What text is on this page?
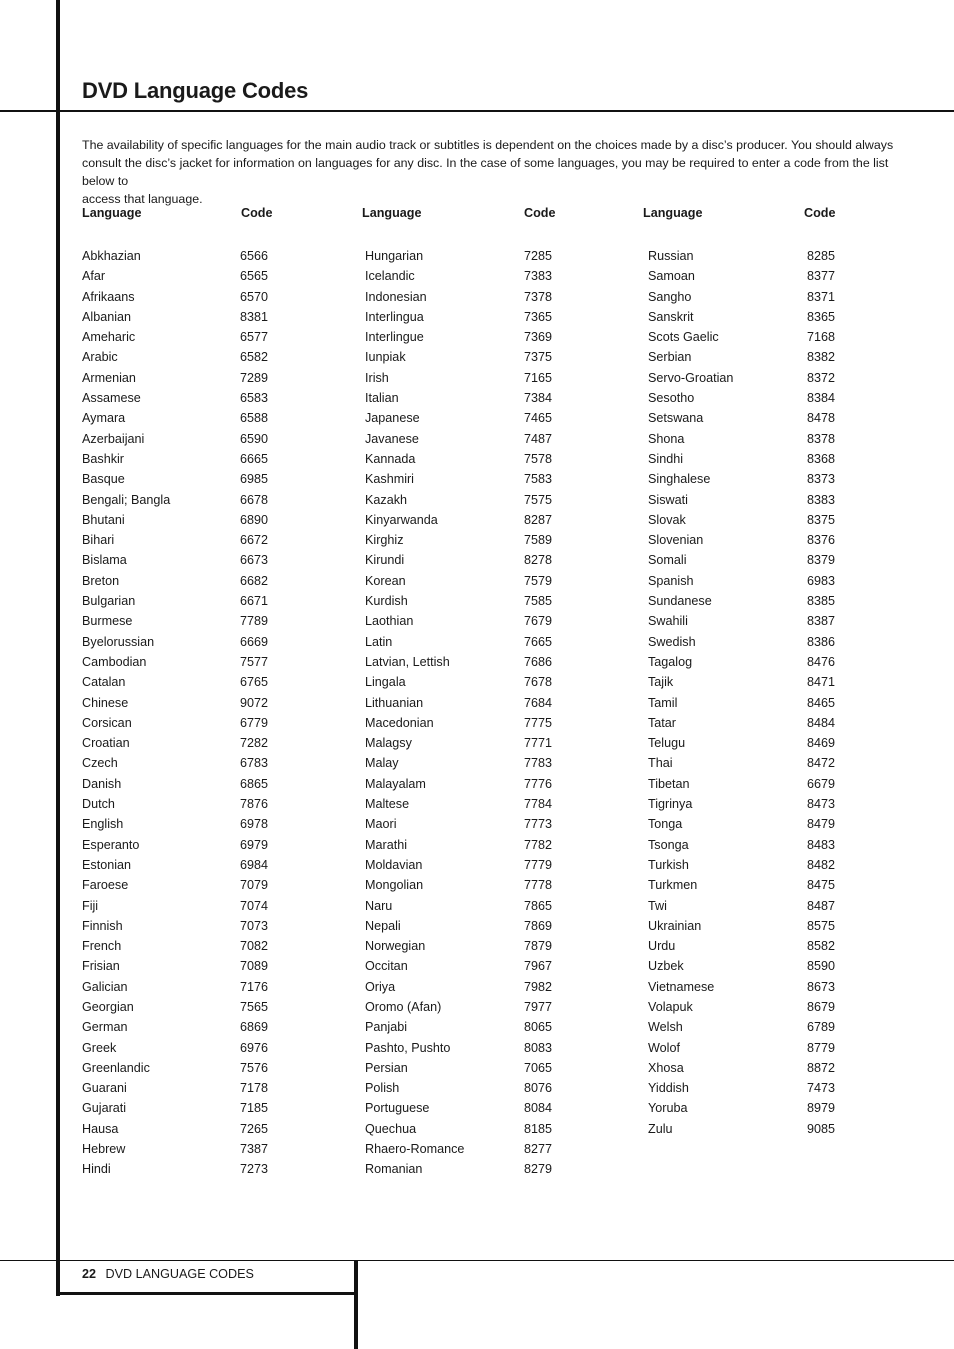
DVD Language Codes
The availability of specific languages for the main audio track or subtitles is dependent on the choices made by a disc’s producer. You should always
consult the disc’s jacket for information on languages for any disc. In the case of some languages, you may be required to enter a code from the list below to
access that language.
Language	Code
Abkhazian	6566
Afar	6565
Afrikaans	6570
Albanian	8381
Ameharic	6577
Arabic	6582
Armenian	7289
Assamese	6583
Aymara	6588
Azerbaijani	6590
Bashkir	6665
Basque	6985
Bengali; Bangla	6678
Bhutani	6890
Bihari	6672
Bislama	6673
Breton	6682
Bulgarian	6671
Burmese	7789
Byelorussian	6669
Cambodian	7577
Catalan	6765
Chinese	9072
Corsican	6779
Croatian	7282
Czech	6783
Danish	6865
Dutch	7876
English	6978
Esperanto	6979
Estonian	6984
Faroese	7079
Fiji	7074
Finnish	7073
French	7082
Frisian	7089
Galician	7176
Georgian	7565
German	6869
Greek	6976
Greenlandic	7576
Guarani	7178
Gujarati	7185
Hausa	7265
Hebrew	7387
Hindi	7273
Language	Code
Hungarian	7285
Icelandic	7383
Indonesian	7378
Interlingua	7365
Interlingue	7369
Iunpiak	7375
Irish	7165
Italian	7384
Japanese	7465
Javanese	7487
Kannada	7578
Kashmiri	7583
Kazakh	7575
Kinyarwanda	8287
Kirghiz	7589
Kirundi	8278
Korean	7579
Kurdish	7585
Laothian	7679
Latin	7665
Latvian, Lettish	7686
Lingala	7678
Lithuanian	7684
Macedonian	7775
Malagsy	7771
Malay	7783
Malayalam	7776
Maltese	7784
Maori	7773
Marathi	7782
Moldavian	7779
Mongolian	7778
Naru	7865
Nepali	7869
Norwegian	7879
Occitan	7967
Oriya	7982
Oromo (Afan)	7977
Panjabi	8065
Pashto, Pushto	8083
Persian	7065
Polish	8076
Portuguese	8084
Quechua	8185
Rhaero-Romance	8277
Romanian	8279
Language	Code
Russian	8285
Samoan	8377
Sangho	8371
Sanskrit	8365
Scots Gaelic	7168
Serbian	8382
Servo-Groatian	8372
Sesotho	8384
Setswana	8478
Shona	8378
Sindhi	8368
Singhalese	8373
Siswati	8383
Slovak	8375
Slovenian	8376
Somali	8379
Spanish	6983
Sundanese	8385
Swahili	8387
Swedish	8386
Tagalog	8476
Tajik	8471
Tamil	8465
Tatar	8484
Telugu	8469
Thai	8472
Tibetan	6679
Tigrinya	8473
Tonga	8479
Tsonga	8483
Turkish	8482
Turkmen	8475
Twi	8487
Ukrainian	8575
Urdu	8582
Uzbek	8590
Vietnamese	8673
Volapuk	8679
Welsh	6789
Wolof	8779
Xhosa	8872
Yiddish	7473
Yoruba	8979
Zulu	9085
22 DVD LANGUAGE CODES
